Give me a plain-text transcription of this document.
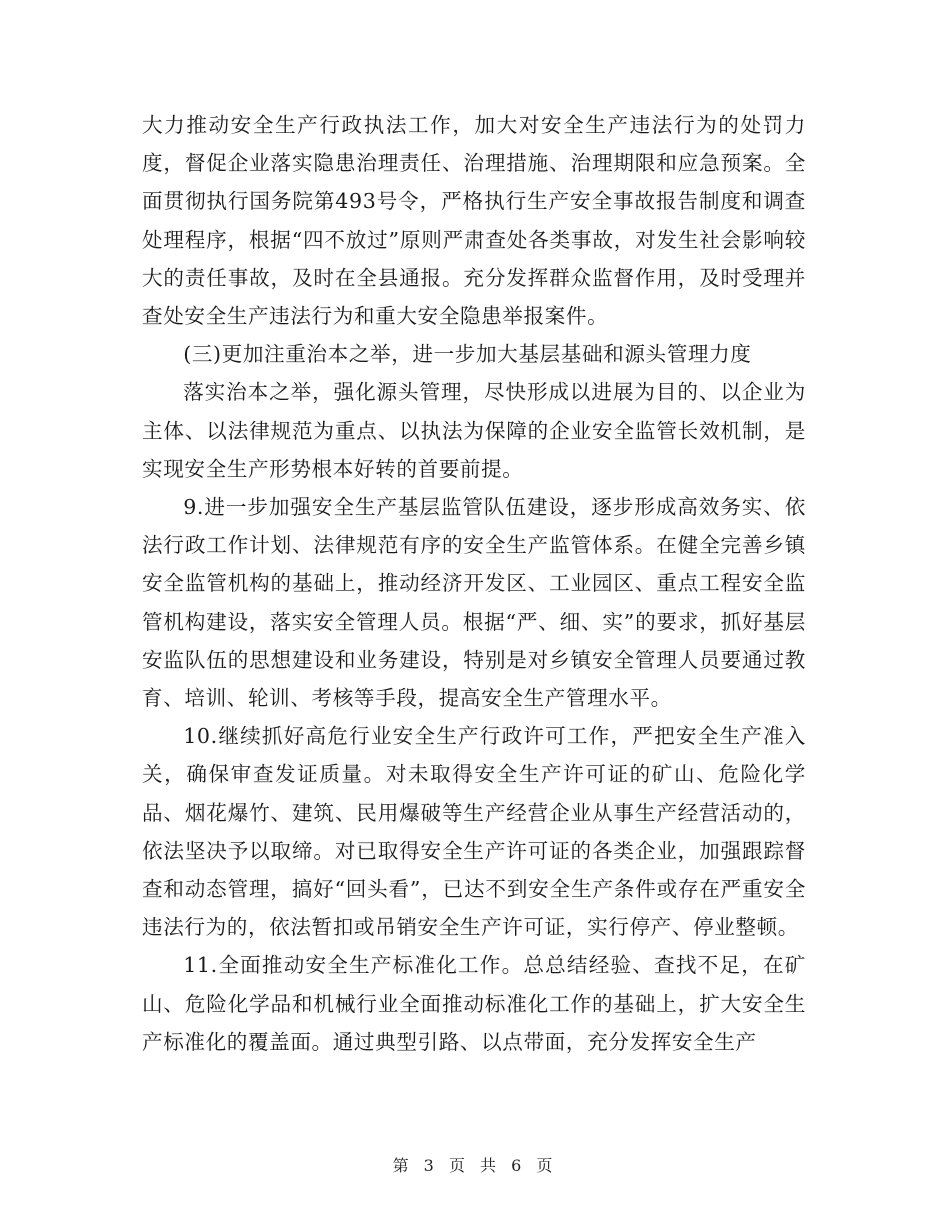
大力推动安全生产行政执法工作，加大对安全生产违法行为的处罚力度，督促企业落实隐患治理责任、治理措施、治理期限和应急预案。全面贯彻执行国务院第493号令，严格执行生产安全事故报告制度和调查处理程序，根据“四不放过”原则严肃查处各类事故，对发生社会影响较大的责任事故，及时在全县通报。充分发挥群众监督作用，及时受理并查处安全生产违法行为和重大安全隐患举报案件。

(三)更加注重治本之举，进一步加大基层基础和源头管理力度

落实治本之举，强化源头管理，尽快形成以进展为目的、以企业为主体、以法律规范为重点、以执法为保障的企业安全监管长效机制，是实现安全生产形势根本好转的首要前提。

9.进一步加强安全生产基层监管队伍建设，逐步形成高效务实、依法行政工作计划、法律规范有序的安全生产监管体系。在健全完善乡镇安全监管机构的基础上，推动经济开发区、工业园区、重点工程安全监管机构建设，落实安全管理人员。根据“严、细、实”的要求，抓好基层安监队伍的思想建设和业务建设，特别是对乡镇安全管理人员要通过教育、培训、轮训、考核等手段，提高安全生产管理水平。

10.继续抓好高危行业安全生产行政许可工作，严把安全生产准入关，确保审查发证质量。对未取得安全生产许可证的矿山、危险化学品、烟花爆竹、建筑、民用爆破等生产经营企业从事生产经营活动的，依法坚决予以取缔。对已取得安全生产许可证的各类企业，加强跟踪督查和动态管理，搞好“回头看”，已达不到安全生产条件或存在严重安全违法行为的，依法暂扣或吊销安全生产许可证，实行停产、停业整顿。

11.全面推动安全生产标准化工作。总总结经验、查找不足，在矿山、危险化学品和机械行业全面推动标准化工作的基础上，扩大安全生产标准化的覆盖面。通过典型引路、以点带面，充分发挥安全生产

第 3 页 共 6 页
